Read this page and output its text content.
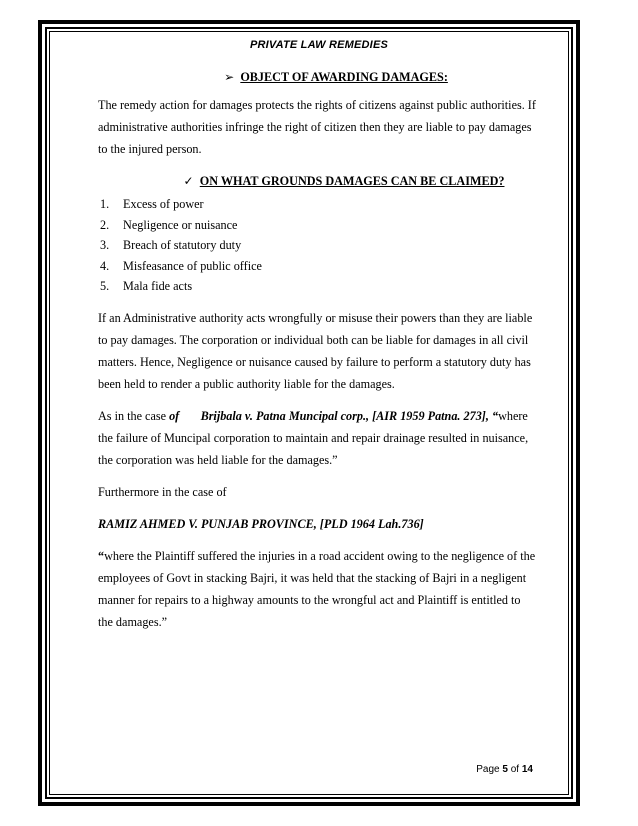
PRIVATE LAW REMEDIES
➢ OBJECT OF AWARDING DAMAGES:

The remedy action for damages protects the rights of citizens against public authorities. If administrative authorities infringe the right of citizen then they are liable to pay damages to the injured person.

✓ ON WHAT GROUNDS DAMAGES CAN BE CLAIMED?
1. Excess of power
2. Negligence or nuisance
3. Breach of statutory duty
4. Misfeasance of public office
5. Mala fide acts

If an Administrative authority acts wrongfully or misuse their powers than they are liable to pay damages. The corporation or individual both can be liable for damages in all civil matters. Hence, Negligence or nuisance caused by failure to perform a statutory duty has been held to render a public authority liable for the damages.

As in the case of Brijbala v. Patna Muncipal corp., [AIR 1959 Patna. 273], “where the failure of Muncipal corporation to maintain and repair drainage resulted in nuisance, the corporation was held liable for the damages.”

Furthermore in the case of

RAMIZ AHMED V. PUNJAB PROVINCE, [PLD 1964 Lah.736]

“where the Plaintiff suffered the injuries in a road accident owing to the negligence of the employees of Govt in stacking Bajri, it was held that the stacking of Bajri in a negligent manner for repairs to a highway amounts to the wrongful act and Plaintiff is entitled to the damages.”

Page 5 of 14
